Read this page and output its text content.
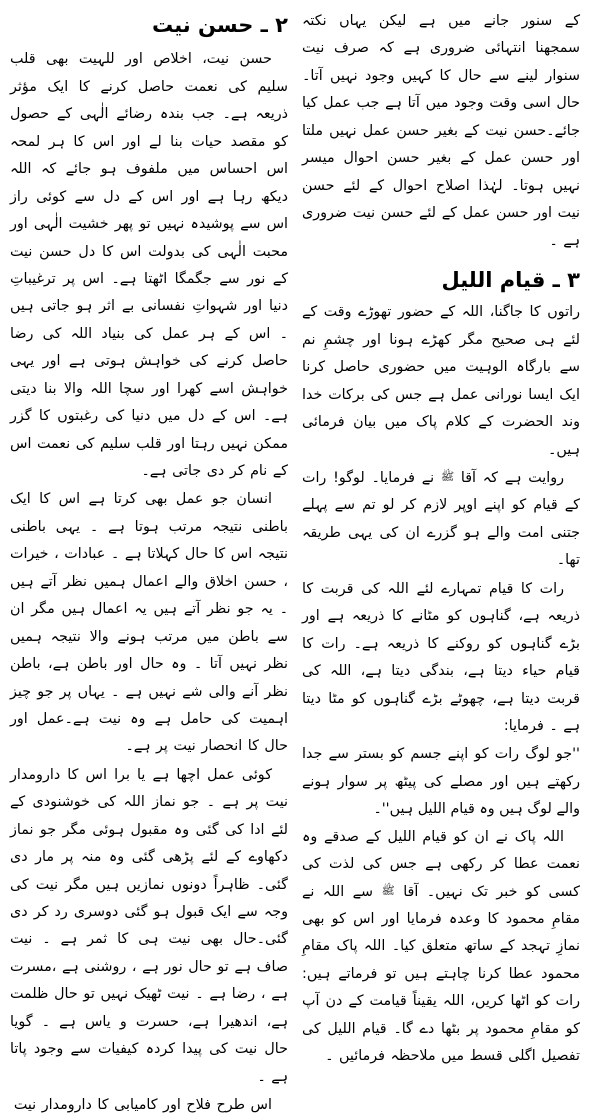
۲ ـ حسن نیت

حسن نیت، اخلاص اور للہیت بھی قلب سلیم کی نعمت حاصل کرنے کا ایک مؤثر ذریعہ ہے۔ جب بندہ رضائے الٰہی کے حصول کو مقصد حیات بنا لے اور اس کا ہر لمحہ اس احساس میں ملفوف ہو جائے کہ اللہ دیکھ رہا ہے اور اس کے دل سے کوئی راز اس سے پوشیدہ نہیں تو پھر خشیت الٰہی اور محبت الٰہی کی بدولت اس کا دل حسن نیت کے نور سے جگمگا اٹھتا ہے۔ اس پر ترغیباتِ دنیا اور شہواتِ نفسانی بے اثر ہو جاتی ہیں ۔ اس کے ہر عمل کی بنیاد اللہ کی رضا حاصل کرنے کی خواہش ہوتی ہے اور یہی خواہش اسے کھرا اور سچا اللہ والا بنا دیتی ہے۔ اس کے دل میں دنیا کی رغبتوں کا گزر ممکن نہیں رہتا اور قلب سلیم کی نعمت اس کے نام کر دی جاتی ہے۔

انسان جو عمل بھی کرتا ہے اس کا ایک باطنی نتیجہ مرتب ہوتا ہے ۔ یہی باطنی نتیجہ اس کا حال کہلاتا ہے ۔ عبادات ، خیرات ، حسن اخلاق والے اعمال ہمیں نظر آتے ہیں ۔ یہ جو نظر آتے ہیں یہ اعمال ہیں مگر ان سے باطن میں مرتب ہونے والا نتیجہ ہمیں نظر نہیں آتا ۔ وہ حال اور باطن ہے، باطن نظر آنے والی شے نہیں ہے ۔ یہاں پر جو چیز اہمیت کی حامل ہے وہ نیت ہے۔عمل اور حال کا انحصار نیت پر ہے۔

کوئی عمل اچھا ہے یا برا اس کا دارومدار نیت پر ہے ۔ جو نماز اللہ کی خوشنودی کے لئے ادا کی گئی وہ مقبول ہوئی مگر جو نماز دکھاوے کے لئے پڑھی گئی وہ منہ پر مار دی گئی۔ ظاہراً دونوں نمازیں ہیں مگر نیت کی وجہ سے ایک قبول ہو گئی دوسری رد کر دی گئی۔حال بھی نیت ہی کا ثمر ہے ۔ نیت صاف ہے تو حال نور ہے ، روشنی ہے ،مسرت ہے ، رضا ہے ۔ نیت ٹھیک نہیں تو حال ظلمت ہے، اندھیرا ہے، حسرت و یاس ہے ۔ گویا حال نیت کی پیدا کردہ کیفیات سے وجود پاتا ہے ۔

اس طرح فلاح اور کامیابی کا دارومدار نیت

کے سنور جانے میں ہے لیکن یہاں نکتہ سمجھنا انتہائی ضروری ہے کہ صرف نیت سنوار لینے سے حال کا کہیں وجود نہیں آتا۔ حال اسی وقت وجود میں آتا ہے جب عمل کیا جائے۔حسن نیت کے بغیر حسن عمل نہیں ملتا اور حسن عمل کے بغیر حسن احوال میسر نہیں ہوتا۔ لہٰذا اصلاح احوال کے لئے حسن نیت اور حسن عمل کے لئے حسن نیت ضروری ہے ۔

۳ ـ قیام اللیل

راتوں کا جاگنا، اللہ کے حضور تھوڑے وقت کے لئے ہی صحیح مگر کھڑے ہونا اور چشمِ نم سے بارگاہ الوہیت میں حضوری حاصل کرنا ایک ایسا نورانی عمل ہے جس کی برکات خدا وند الحضرت کے کلام پاک میں بیان فرمائی ہیں۔

روایت ہے کہ آقا ﷺ نے فرمایا۔ لوگو! رات کے قیام کو اپنے اوپر لازم کر لو تم سے پہلے جتنی امت والے ہو گزرے ان کی یہی طریقہ تھا۔

رات کا قیام تمہارے لئے اللہ کی قربت کا ذریعہ ہے، گناہوں کو مٹانے کا ذریعہ ہے اور بڑے گناہوں کو روکنے کا ذریعہ ہے۔ رات کا قیام حیاء دیتا ہے، بندگی دیتا ہے، اللہ کی قربت دیتا ہے، چھوٹے بڑے گناہوں کو مٹا دیتا ہے ۔ فرمایا:

''جو لوگ رات کو اپنے جسم کو بستر سے جدا رکھتے ہیں اور مصلے کی پیٹھ پر سوار ہونے والے لوگ ہیں وہ قیام اللیل ہیں''۔

اللہ پاک نے ان کو قیام اللیل کے صدقے وہ نعمت عطا کر رکھی ہے جس کی لذت کی کسی کو خبر تک نہیں۔ آقا ﷺ سے اللہ نے مقامِ محمود کا وعدہ فرمایا اور اس کو بھی نمازِ تہجد کے ساتھ متعلق کیا۔ اللہ پاک مقامِ محمود عطا کرنا چاہتے ہیں تو فرماتے ہیں: رات کو اٹھا کریں، اللہ یقیناً قیامت کے دن آپ کو مقامِ محمود پر بٹھا دے گا۔ قیام اللیل کی تفصیل اگلی قسط میں ملاحظہ فرمائیں ۔
